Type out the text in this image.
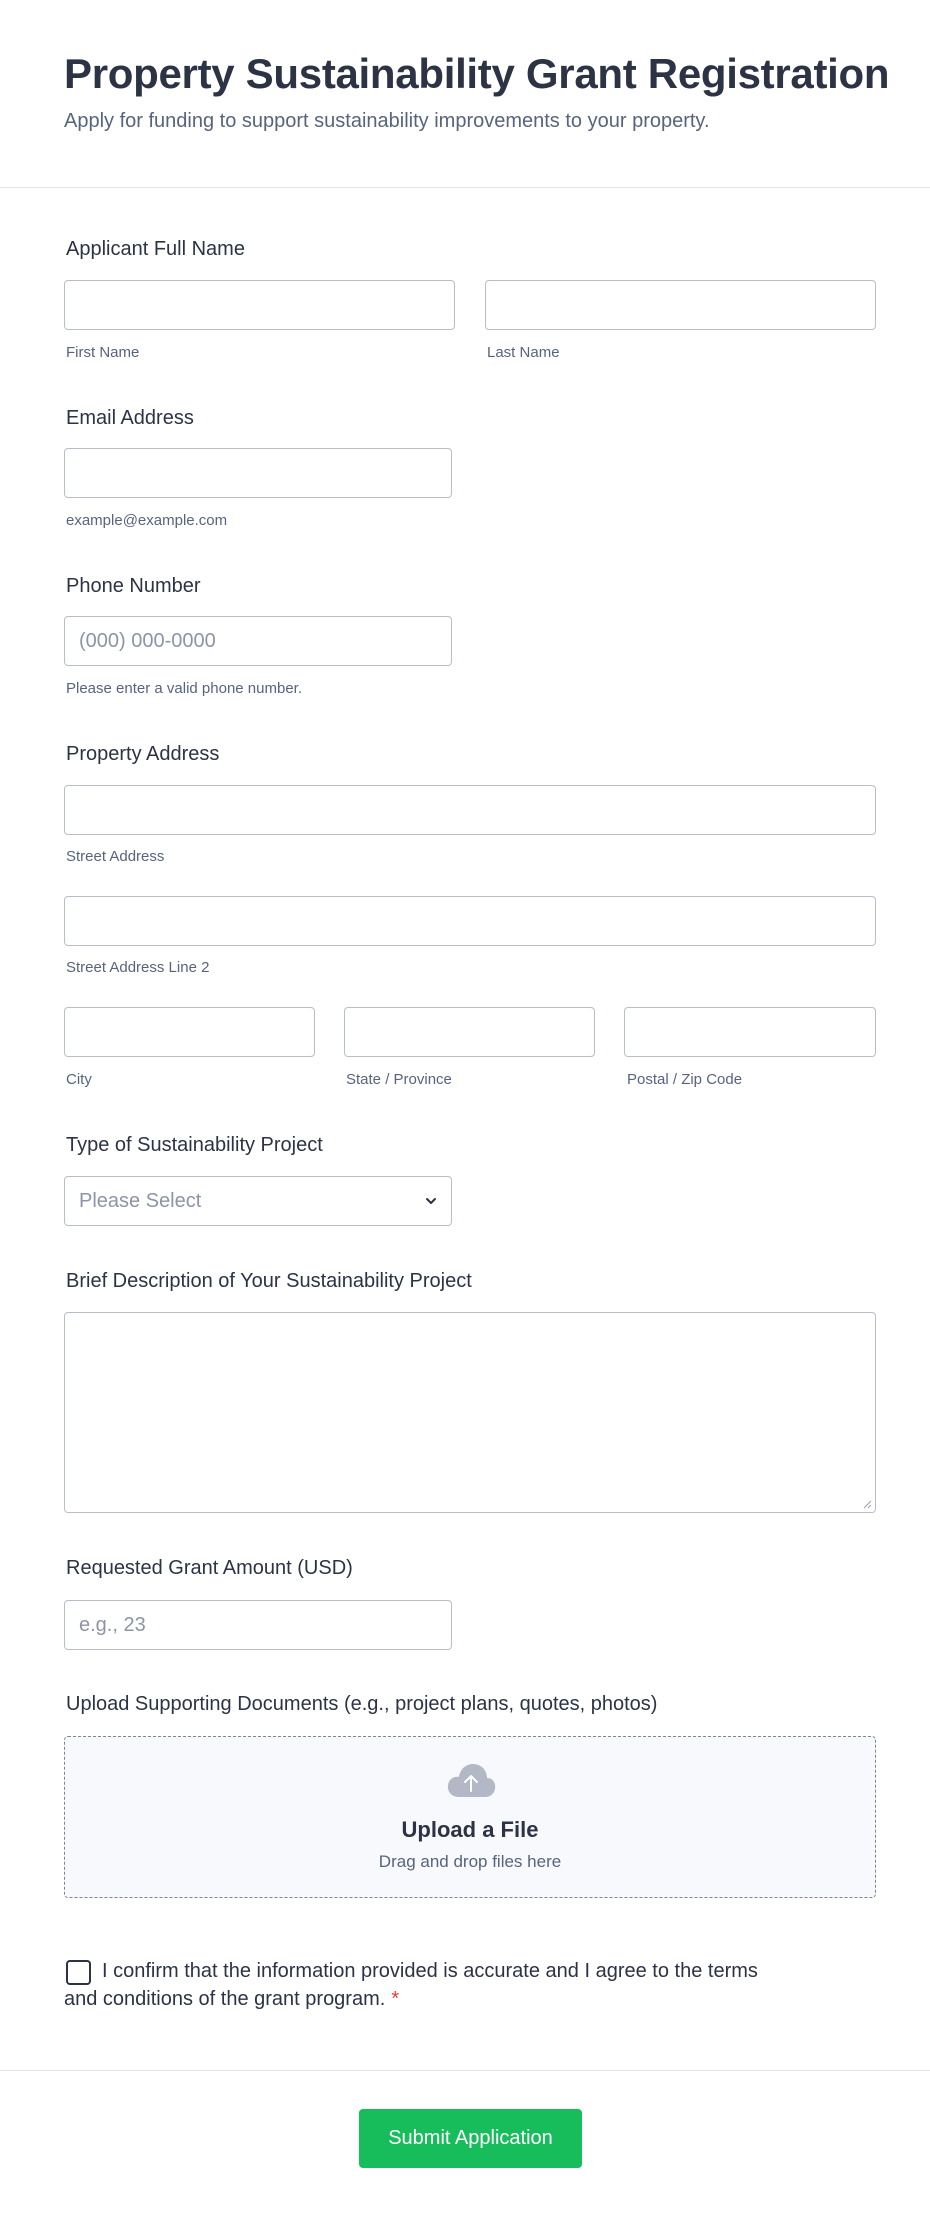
Property Sustainability Grant Registration
Apply for funding to support sustainability improvements to your property.
Applicant Full Name
First Name	Last Name
Email Address
example@example.com
Phone Number
(000) 000-0000
Please enter a valid phone number.
Property Address
Street Address
Street Address Line 2
City	State / Province	Postal / Zip Code
Type of Sustainability Project
Please Select
Brief Description of Your Sustainability Project
Requested Grant Amount (USD)
e.g., 23
Upload Supporting Documents (e.g., project plans, quotes, photos)
Upload a File
Drag and drop files here
I confirm that the information provided is accurate and I agree to the terms and conditions of the grant program. *
Submit Application
